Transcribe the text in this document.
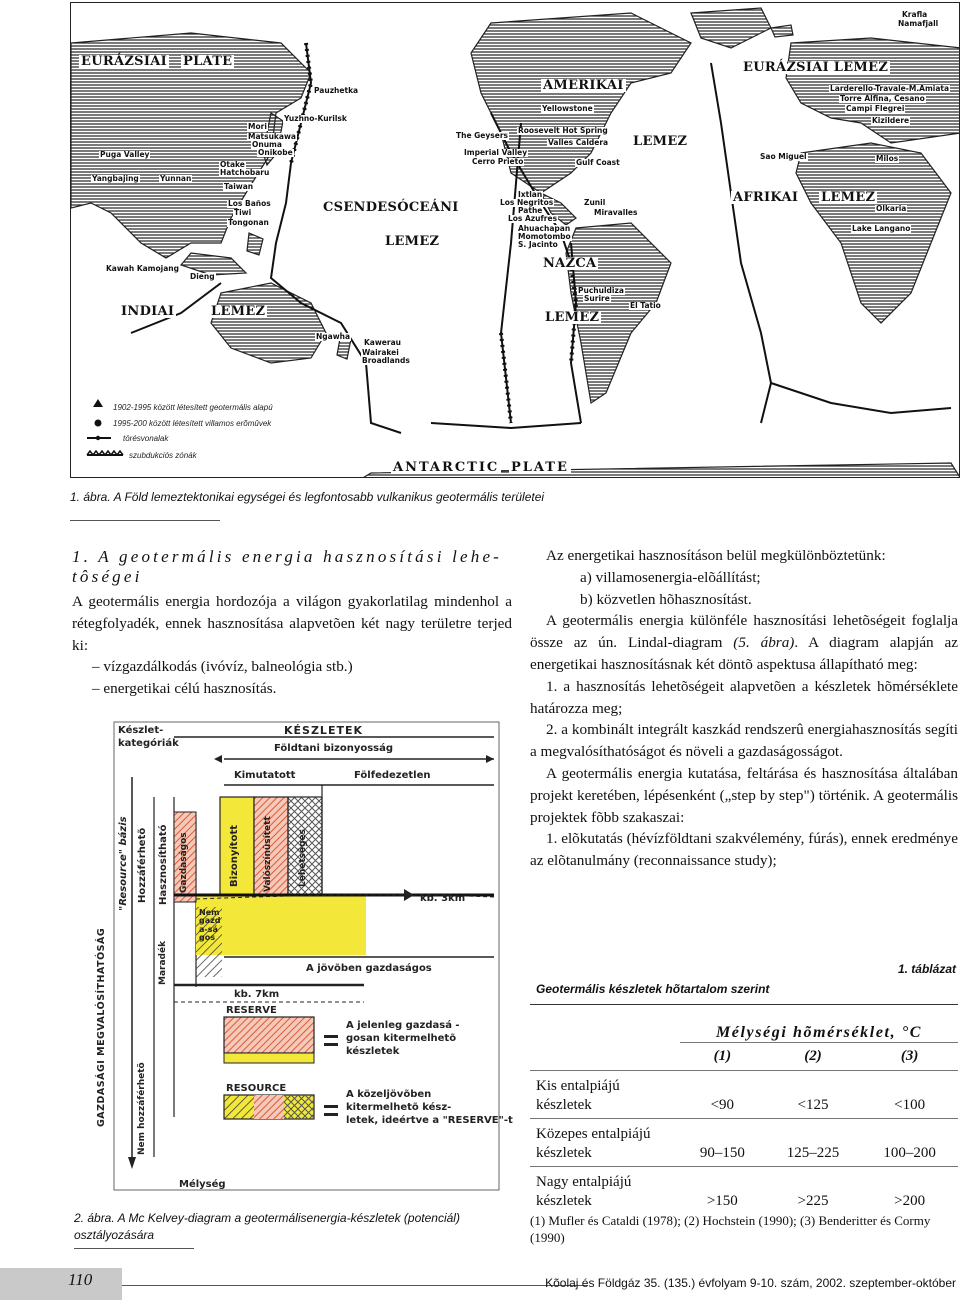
EURÁZSIAI PLATE
AMERIKAI
LEMEZ
EURÁZSIAI LEMEZ
CSENDESÓCEÁNI
LEMEZ
AFRIKAI LEMEZ
NAZCA
LEMEZ
INDIAI	LEMEZ
ANTARCTIC PLATE
Pauzhetka
Yuzhno-Kurilsk
Mori
Matsukawa
Onuma
Onikobe
Otake
Hatchobaru
Taiwan
Los Baños
Tiwi
Tongonan
Puga Valley
Yangbajing	Yunnan
Kawah Kamojang
Dieng
Ngawha
Kawerau
Wairakei
Broadlands
The Geysers
Imperial Valley
Cerro Prieto
Yellowstone
Roosevelt Hot Spring
Valles Caldera
Gulf Coast
Ixtlan
Los Negritos
Pathe
Los Azufres
Ahuachapan
Momotombo
S. Jacinto
Zunil
Miravalles
Puchuldiza
Surire
El Tatio
Krafla
Namafjall
Larderello-Travale-M.Amiata
Torre Alfina, Cesano
Campi Flegrei
Kizildere
Sao Miguel	Milos
Olkaria
Lake Langano
1902-1995 között létesített geotermális alapú
1995-200 között létesített villamos erõmûvek
törésvonalak
szubdukciós zónák
1. ábra. A Föld lemeztektonikai egységei és legfontosabb vulkanikus geotermális területei
1. A geotermális energia hasznosítási lehe-
tôségei
A geotermális energia hordozója a világon gyakorlatilag mindenhol a rétegfolyadék, ennek hasznosítása alapvetõen két nagy területre terjed ki:
– vízgazdálkodás (ivóvíz, balneológia stb.)
– energetikai célú hasznosítás.
Készlet-
kategóriák
KÉSZLETEK
Földtani bizonyosság
Kimutatott	Fölfedezetlen
Bizonyított	Valószínûsített	Lehetséges
Gazdaságos
Hasznosítható
Hozzáférhetõ
"Resource" bázis
Maradék
Nem gazda-ságos
GAZDASÁGI MEGVALÓSÍTHATÓSÁG	Nem hozzáférhetõ
kb. 3km
kb. 7km
A jövõben gazdaságos
RESERVE
RESOURCE
A jelenleg gazdasá -
gosan kitermelhetõ
készletek
A közeljövõben
kitermelhetõ kész-
letek, ideértve a "RESERVE"-t
Mélység
2. ábra. A Mc Kelvey-diagram a geotermálisenergia-készletek (potenciál) osztályozására

Az energetikai hasznosításon belül megkülönböztetünk:

a) villamosenergia-elõállítást;

b) közvetlen hõhasznosítást.

A geotermális energia különféle hasznosítási lehetõségeit foglalja össze az ún. Lindal-diagram (5. ábra). A diagram alapján az energetikai hasznosításnak két döntõ aspektusa állapítható meg:

1. a hasznosítás lehetõségeit alapvetõen a készletek hõmérséklete határozza meg;

2. a kombinált integrált kaszkád rendszerû energiahasznosítás segíti a megvalósíthatóságot és növeli a gazdaságosságot.

A geotermális energia kutatása, feltárása és hasznosítása általában projekt keretében, lépésenként („step by step") történik. A geotermális projektek fõbb szakaszai:

1. elõkutatás (hévízföldtani szakvélemény, fúrás), ennek eredménye az elõtanulmány (reconnaissance study);

1. táblázat
Geotermális készletek hõtartalom szerint
	Mélységi hõmérséklet, °C		
	(1)	(2)	(3)

Kis entalpiájú
készletek	<90	<125	<100

Közepes entalpiájú
készletek	90–150	125–225	100–200

Nagy entalpiájú
készletek	>150	>225	>200
(1) Mufler és Cataldi (1978); (2) Hochstein (1990); (3) Benderitter és Cormy (1990)
110	Kõolaj és Földgáz 35. (135.) évfolyam 9-10. szám, 2002. szeptember-október
